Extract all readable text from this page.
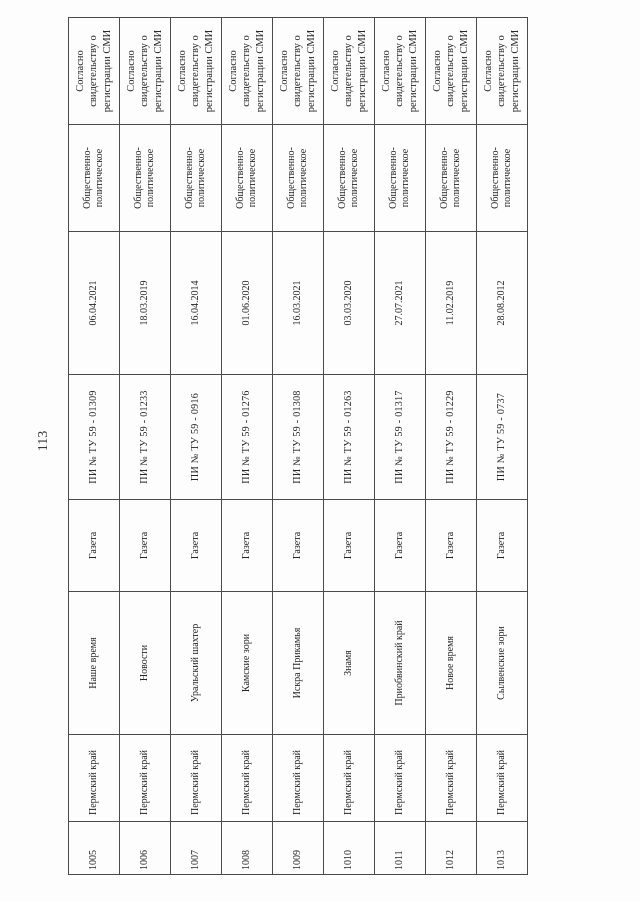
113
1005	Пермский край	Наше время	Газета	ПИ № ТУ 59 - 01309	06.04.2021	Общественно-политическое	Согласно свидетельству о регистрации СМИ
1006	Пермский край	Новости	Газета	ПИ № ТУ 59 - 01233	18.03.2019	Общественно-политическое	Согласно свидетельству о регистрации СМИ
1007	Пермский край	Уральский шахтер	Газета	ПИ № ТУ 59 - 0916	16.04.2014	Общественно-политическое	Согласно свидетельству о регистрации СМИ
1008	Пермский край	Камские зори	Газета	ПИ № ТУ 59 - 01276	01.06.2020	Общественно-политическое	Согласно свидетельству о регистрации СМИ
1009	Пермский край	Искра Прикамья	Газета	ПИ № ТУ 59 - 01308	16.03.2021	Общественно-политическое	Согласно свидетельству о регистрации СМИ
1010	Пермский край	Знамя	Газета	ПИ № ТУ 59 - 01263	03.03.2020	Общественно-политическое	Согласно свидетельству о регистрации СМИ
1011	Пермский край	Приобвинский край	Газета	ПИ № ТУ 59 - 01317	27.07.2021	Общественно-политическое	Согласно свидетельству о регистрации СМИ
1012	Пермский край	Новое время	Газета	ПИ № ТУ 59 - 01229	11.02.2019	Общественно-политическое	Согласно свидетельству о регистрации СМИ
1013	Пермский край	Сылвенские зори	Газета	ПИ № ТУ 59 - 0737	28.08.2012	Общественно-политическое	Согласно свидетельству о регистрации СМИ
